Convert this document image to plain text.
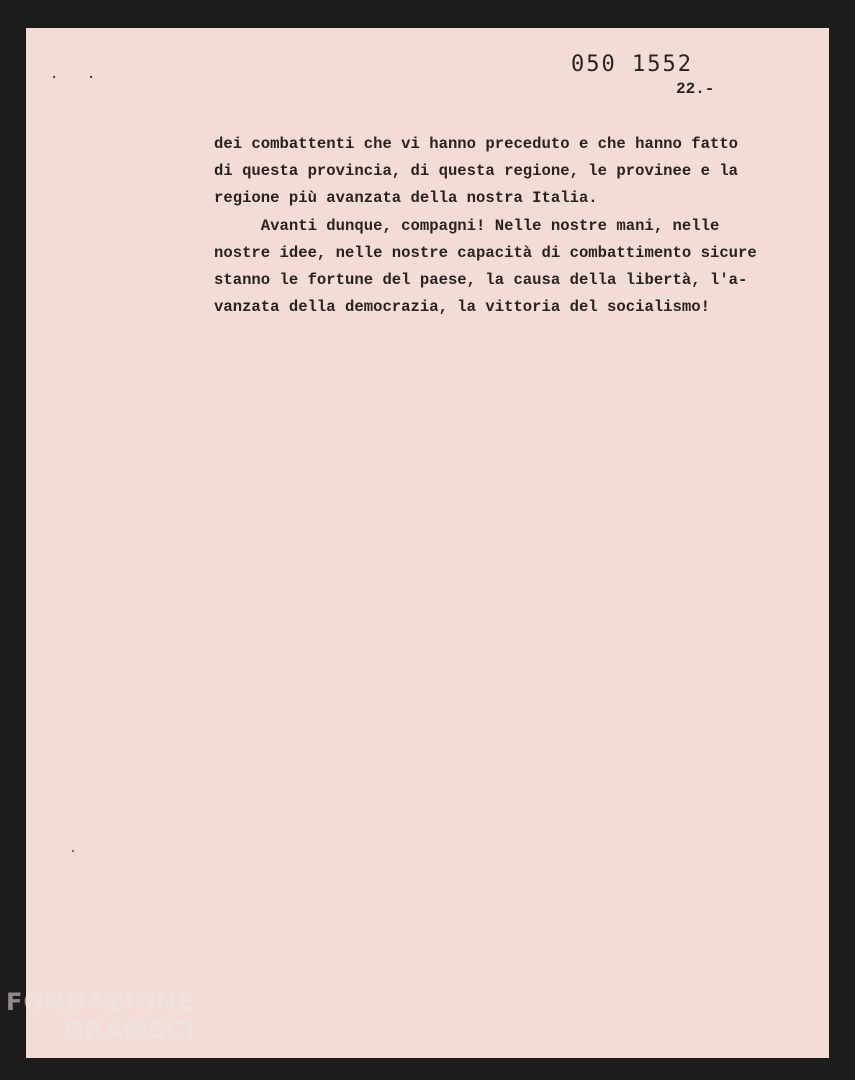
. .	050 1552
22.-
dei combattenti che vi hanno preceduto e che hanno fatto
di questa provincia, di questa regione, le provinee e la
regione più avanzata della nostra Italia.
Avanti dunque, compagni! Nelle nostre mani, nelle
nostre idee, nelle nostre capacità di combattimento sicure
stanno le fortune del paese, la causa della libertà, l'a-
vanzata della democrazia, la vittoria del socialismo!
FONDAZIONE
GRAMSCI
onlus
